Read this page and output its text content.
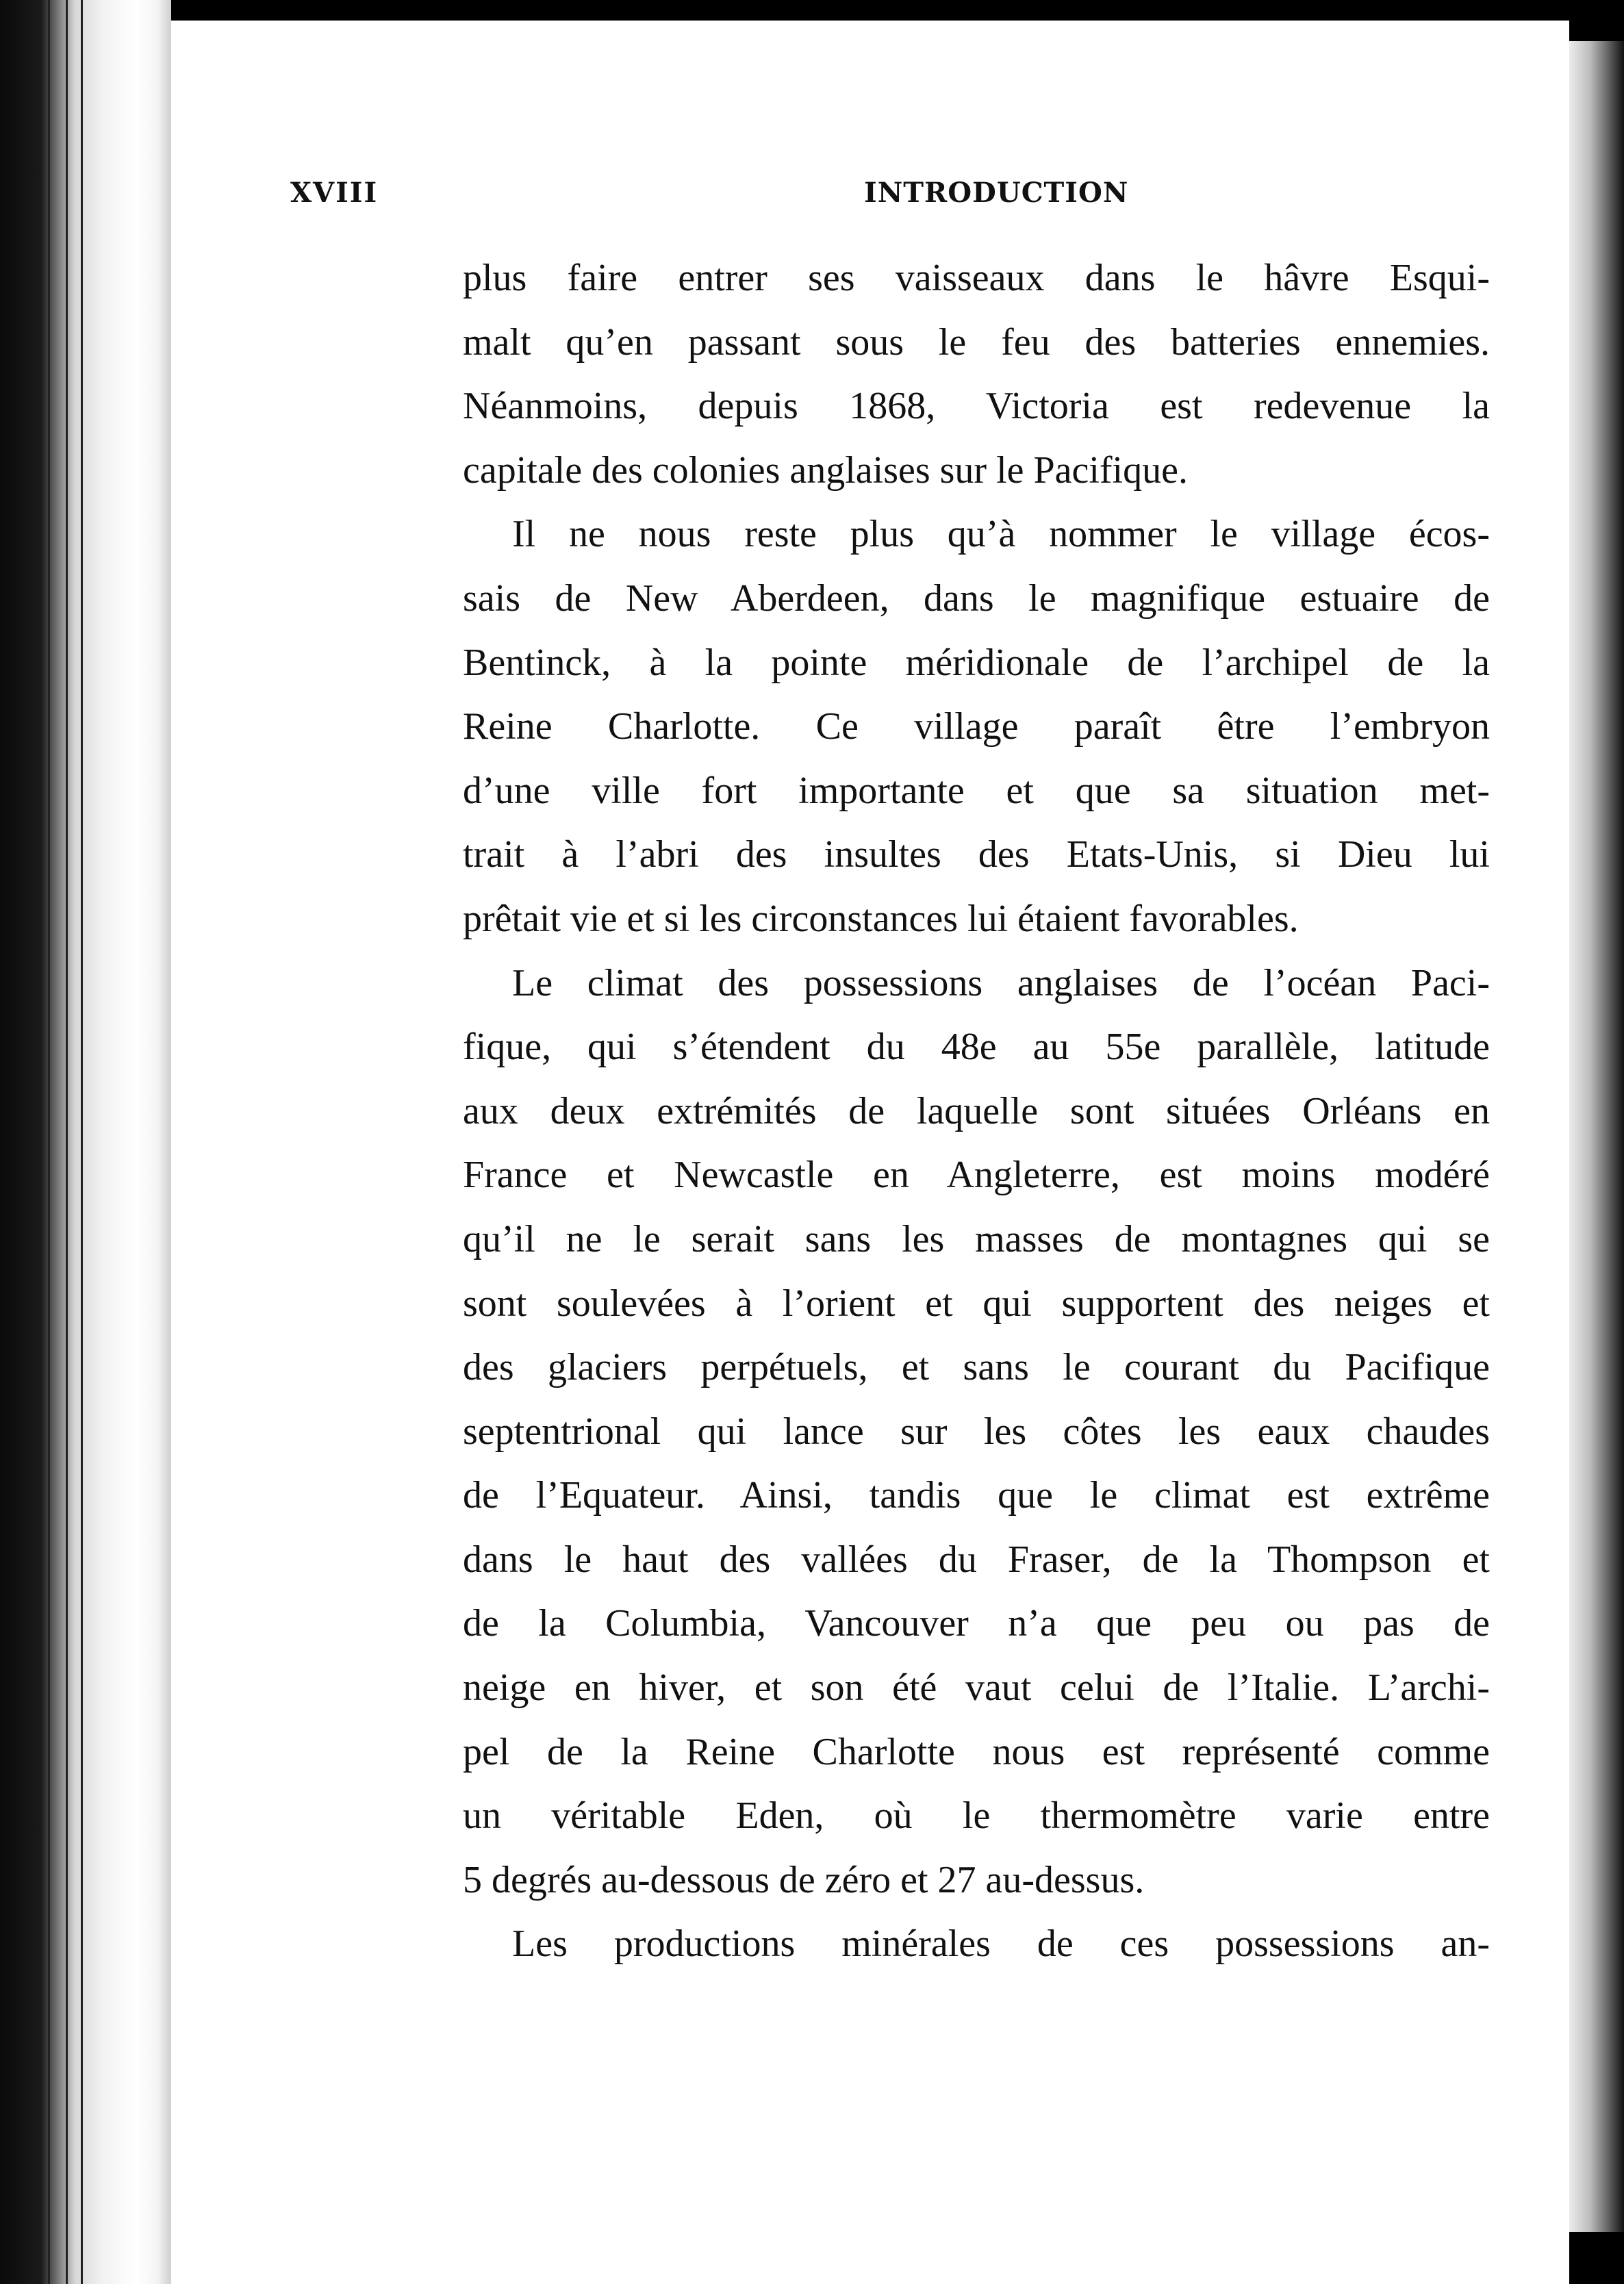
XVIII	INTRODUCTION
plus faire entrer ses vaisseaux dans le hâvre Esqui-
malt qu’en passant sous le feu des batteries ennemies.
Néanmoins, depuis 1868, Victoria est redevenue la
capitale des colonies anglaises sur le Pacifique.
Il ne nous reste plus qu’à nommer le village écos-
sais de New Aberdeen, dans le magnifique estuaire de
Bentinck, à la pointe méridionale de l’archipel de la
Reine Charlotte. Ce village paraît être l’embryon
d’une ville fort importante et que sa situation met-
trait à l’abri des insultes des Etats-Unis, si Dieu lui
prêtait vie et si les circonstances lui étaient favorables.
Le climat des possessions anglaises de l’océan Paci-
fique, qui s’étendent du 48e au 55e parallèle, latitude
aux deux extrémités de laquelle sont situées Orléans en
France et Newcastle en Angleterre, est moins modéré
qu’il ne le serait sans les masses de montagnes qui se
sont soulevées à l’orient et qui supportent des neiges et
des glaciers perpétuels, et sans le courant du Pacifique
septentrional qui lance sur les côtes les eaux chaudes
de l’Equateur. Ainsi, tandis que le climat est extrême
dans le haut des vallées du Fraser, de la Thompson et
de la Columbia, Vancouver n’a que peu ou pas de
neige en hiver, et son été vaut celui de l’Italie. L’archi-
pel de la Reine Charlotte nous est représenté comme
un véritable Eden, où le thermomètre varie entre
5 degrés au-dessous de zéro et 27 au-dessus.
Les productions minérales de ces possessions an-
